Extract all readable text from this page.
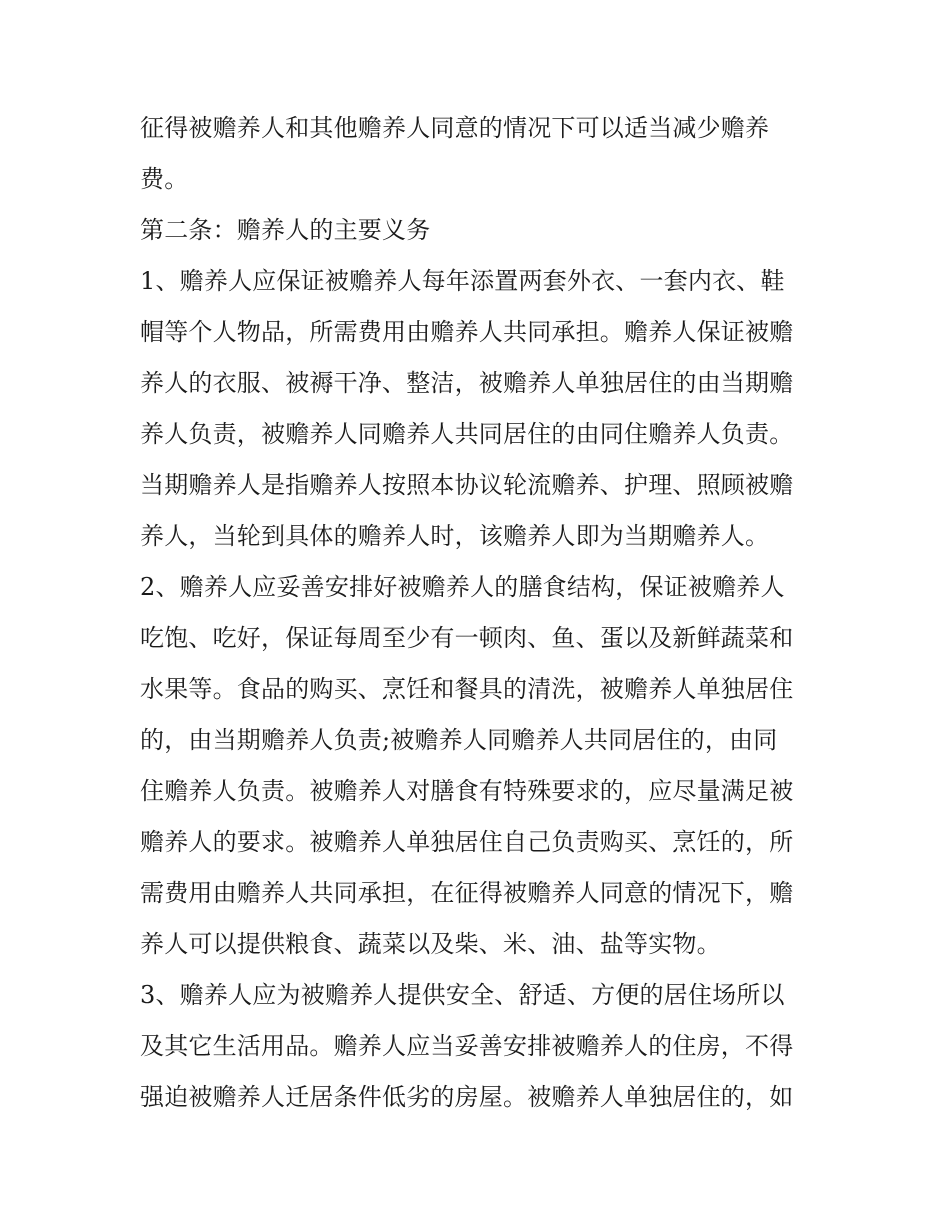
征得被赡养人和其他赡养人同意的情况下可以适当减少赡养
费。
第二条：赡养人的主要义务
1、赡养人应保证被赡养人每年添置两套外衣、一套内衣、鞋
帽等个人物品，所需费用由赡养人共同承担。赡养人保证被赡
养人的衣服、被褥干净、整洁，被赡养人单独居住的由当期赡
养人负责，被赡养人同赡养人共同居住的由同住赡养人负责。
当期赡养人是指赡养人按照本协议轮流赡养、护理、照顾被赡
养人，当轮到具体的赡养人时，该赡养人即为当期赡养人。
2、赡养人应妥善安排好被赡养人的膳食结构，保证被赡养人
吃饱、吃好，保证每周至少有一顿肉、鱼、蛋以及新鲜蔬菜和
水果等。食品的购买、烹饪和餐具的清洗，被赡养人单独居住
的，由当期赡养人负责;被赡养人同赡养人共同居住的，由同
住赡养人负责。被赡养人对膳食有特殊要求的，应尽量满足被
赡养人的要求。被赡养人单独居住自己负责购买、烹饪的，所
需费用由赡养人共同承担，在征得被赡养人同意的情况下，赡
养人可以提供粮食、蔬菜以及柴、米、油、盐等实物。
3、赡养人应为被赡养人提供安全、舒适、方便的居住场所以
及其它生活用品。赡养人应当妥善安排被赡养人的住房，不得
强迫被赡养人迁居条件低劣的房屋。被赡养人单独居住的，如
